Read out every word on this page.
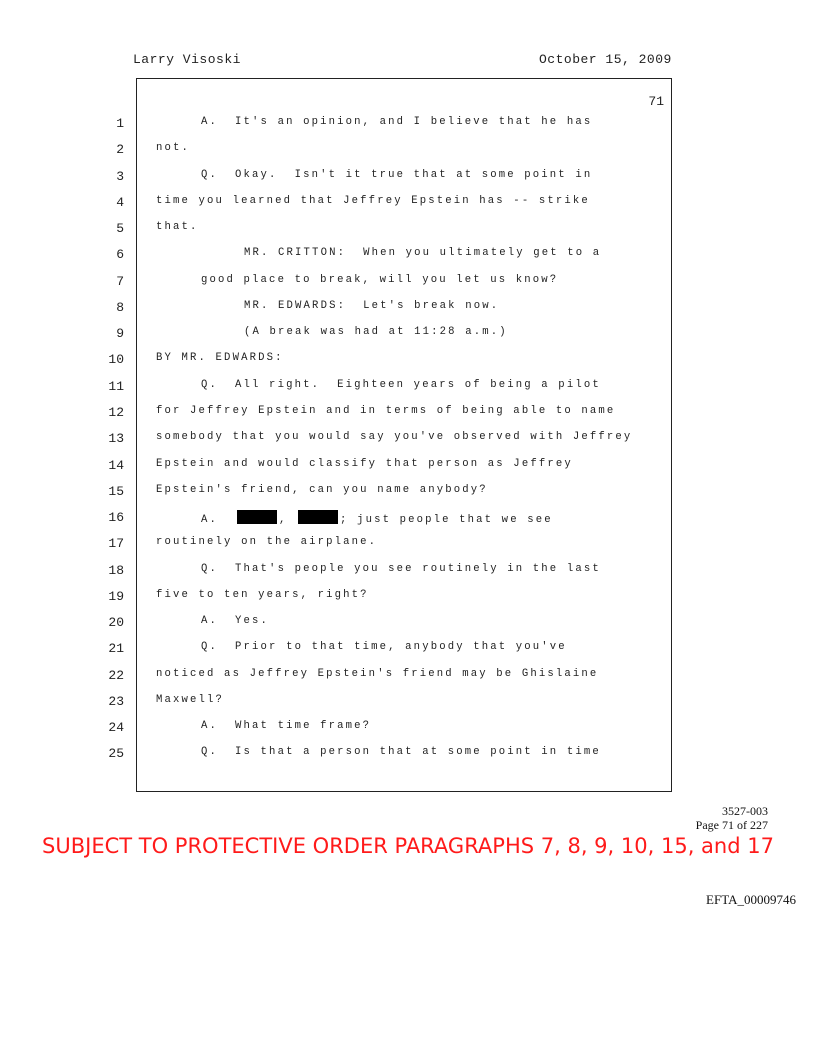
Larry Visoski	October 15, 2009
71
1	A.  It's an opinion, and I believe that he has
2	not.
3	Q.  Okay.  Isn't it true that at some point in
4	time you learned that Jeffrey Epstein has -- strike
5	that.
6	MR. CRITTON:  When you ultimately get to a
7	good place to break, will you let us know?
8	MR. EDWARDS:  Let's break now.
9	(A break was had at 11:28 a.m.)
10	BY MR. EDWARDS:
11	Q.  All right.  Eighteen years of being a pilot
12	for Jeffrey Epstein and in terms of being able to name
13	somebody that you would say you've observed with Jeffrey
14	Epstein and would classify that person as Jeffrey
15	Epstein's friend, can you name anybody?
16	A.	,	; just people that we see
17	routinely on the airplane.
18	Q.  That's people you see routinely in the last
19	five to ten years, right?
20	A.  Yes.
21	Q.  Prior to that time, anybody that you've
22	noticed as Jeffrey Epstein's friend may be Ghislaine
23	Maxwell?
24	A.  What time frame?
25	Q.  Is that a person that at some point in time
3527-003
Page 71 of 227
SUBJECT TO PROTECTIVE ORDER PARAGRAPHS 7, 8, 9, 10, 15, and 17
EFTA_00009746
